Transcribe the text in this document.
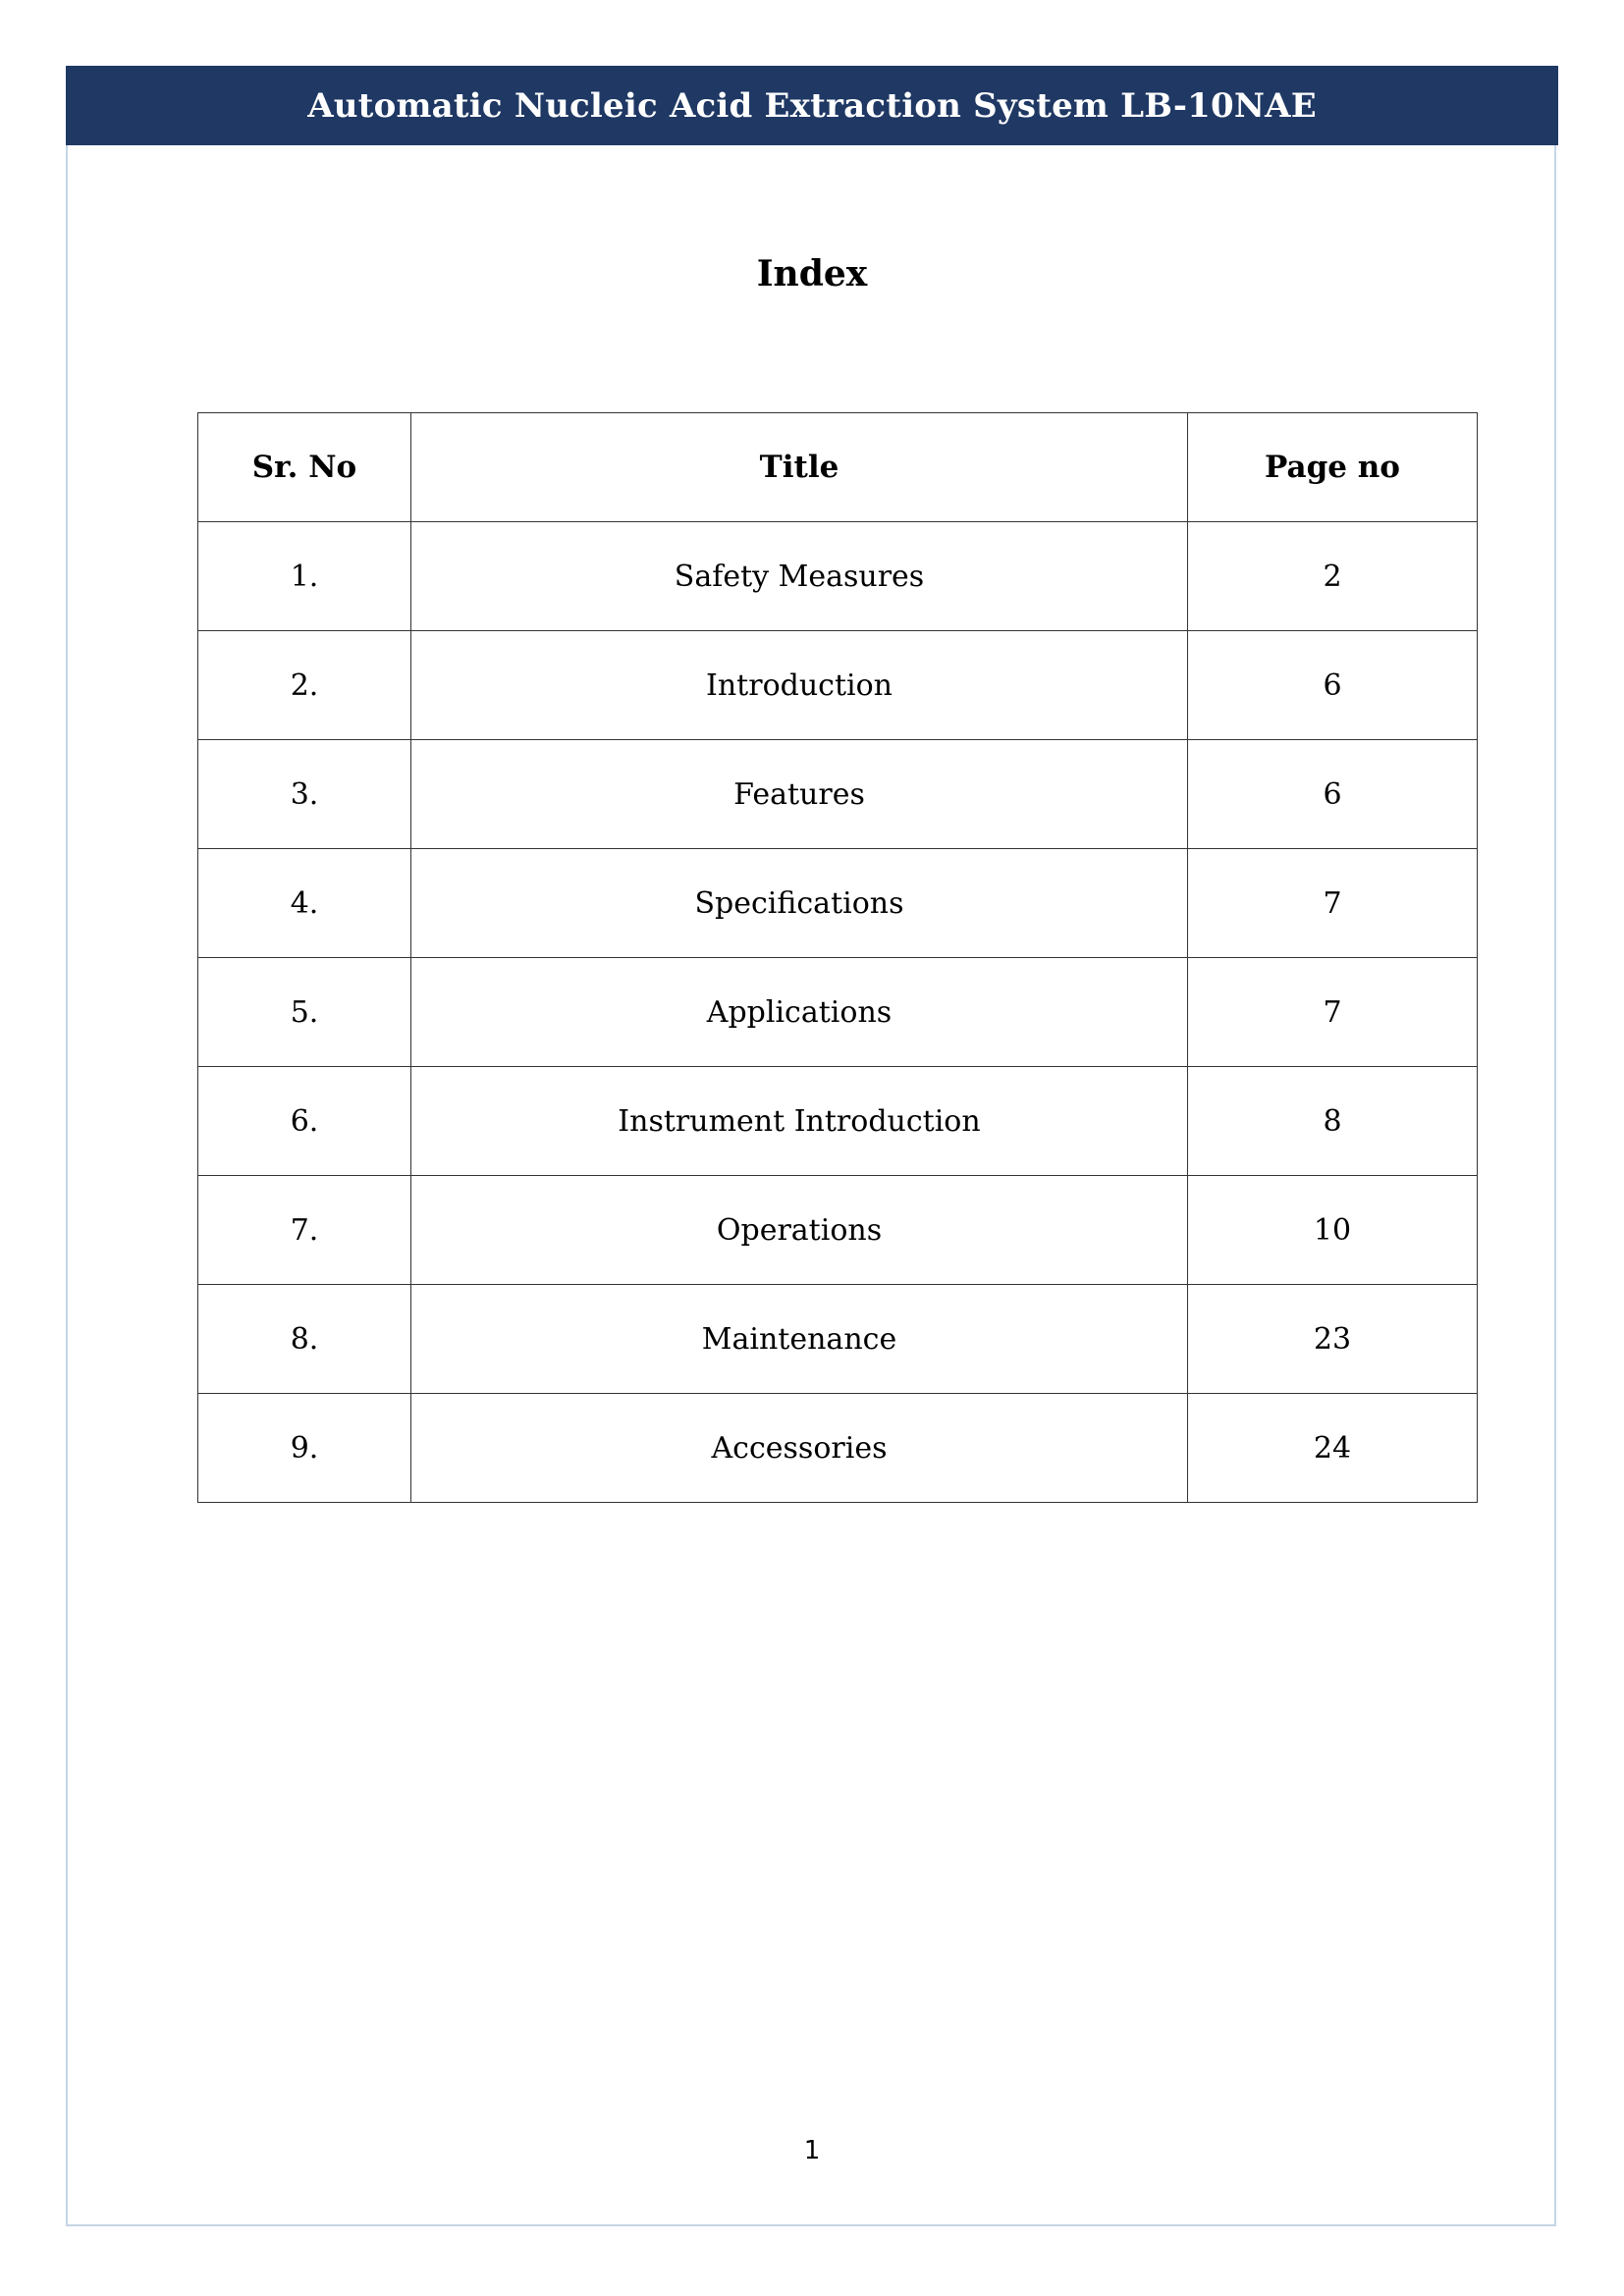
Automatic Nucleic Acid Extraction System LB-10NAE
Index
Sr. No	Title	Page no
1.	Safety Measures	2
2.	Introduction	6
3.	Features	6
4.	Specifications	7
5.	Applications	7
6.	Instrument Introduction	8
7.	Operations	10
8.	Maintenance	23
9.	Accessories	24
1
